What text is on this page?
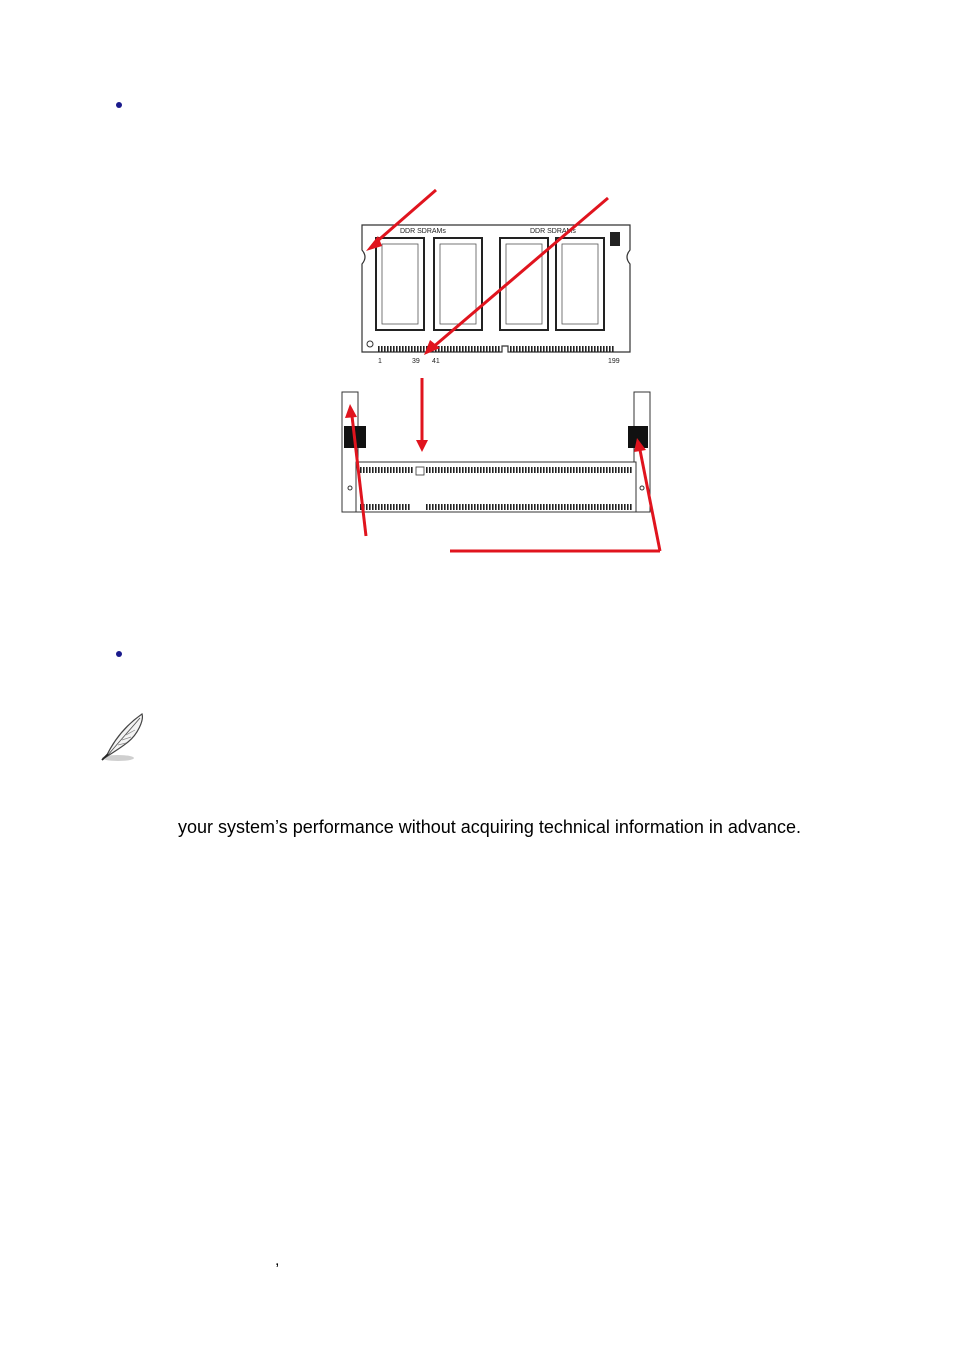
DDR SDRAMs	DDR SDRAMs
1	39 41	199
your system’s performance without acquiring technical information in advance.
,
